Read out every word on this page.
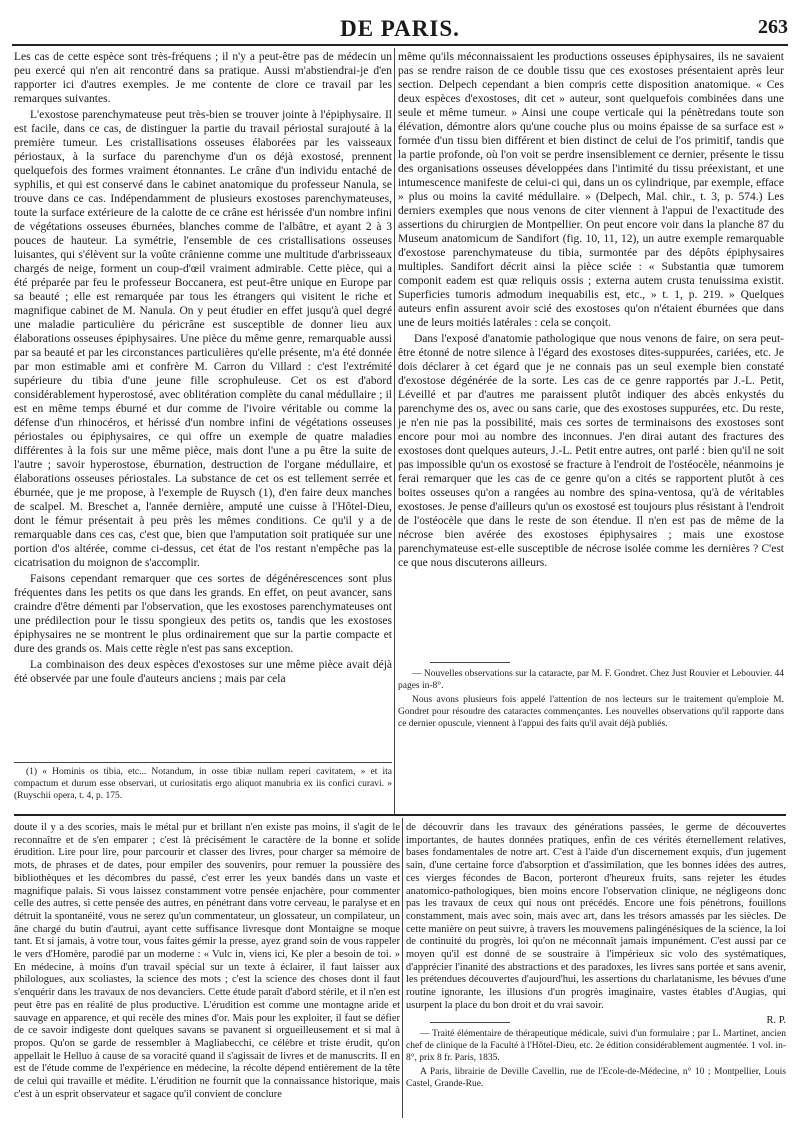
DE PARIS.	263

Les cas de cette espèce sont très-fréquens ; il n'y a peut-être pas de médecin un peu exercé qui n'en ait rencontré dans sa pratique. Aussi m'abstiendrai-je d'en rapporter ici d'autres exemples. Je me contente de clore ce travail par les remarques suivantes.

L'exostose parenchymateuse peut très-bien se trouver jointe à l'épiphysaire. Il est facile, dans ce cas, de distinguer la partie du travail périostal surajouté à la première tumeur. Les cristallisations osseuses élaborées par les vaisseaux périostaux, à la surface du parenchyme d'un os déjà exostosé, prennent quelquefois des formes vraiment étonnantes. Le crâne d'un individu entaché de syphilis, et qui est conservé dans le cabinet anatomique du professeur Nanula, se trouve dans ce cas. Indépendamment de plusieurs exostoses parenchymateuses, toute la surface extérieure de la calotte de ce crâne est hérissée d'un nombre infini de végétations osseuses éburnées, blanches comme de l'albâtre, et ayant 2 à 3 pouces de hauteur. La symétrie, l'ensemble de ces cristallisations osseuses luisantes, qui s'élèvent sur la voûte crânienne comme une multitude d'arbrisseaux chargés de neige, forment un coup-d'œil vraiment admirable. Cette pièce, qui a été préparée par feu le professeur Boccanera, est peut-être unique en Europe par sa beauté ; elle est remarquée par tous les étrangers qui visitent le riche et magnifique cabinet de M. Nanula. On y peut étudier en effet jusqu'à quel degré une maladie particulière du péricrâne est susceptible de donner lieu aux élaborations osseuses épiphysaires. Une pièce du même genre, remarquable aussi par sa beauté et par les circonstances particulières qu'elle présente, m'a été donnée par mon estimable ami et confrère M. Carron du Villard : c'est l'extrémité supérieure du tibia d'une jeune fille scrophuleuse. Cet os est d'abord considérablement hyperostosé, avec oblitération complète du canal médullaire ; il est en même temps éburné et dur comme de l'ivoire véritable ou comme la défense d'un rhinocéros, et hérissé d'un nombre infini de végétations osseuses périostales ou épiphysaires, ce qui offre un exemple de quatre maladies différentes à la fois sur une même pièce, mais dont l'une a pu être la suite de l'autre ; savoir hyperostose, éburnation, destruction de l'organe médullaire, et élaborations osseuses périostales. La substance de cet os est tellement serrée et éburnée, que je me propose, à l'exemple de Ruysch (1), d'en faire deux manches de scalpel. M. Breschet a, l'année dernière, amputé une cuisse à l'Hôtel-Dieu, dont le fémur présentait à peu près les mêmes conditions. Ce qu'il y a de remarquable dans ces cas, c'est que, bien que l'amputation soit pratiquée sur une portion d'os altérée, comme ci-dessus, cet état de l'os restant n'empêche pas la cicatrisation du moignon de s'accomplir.

Faisons cependant remarquer que ces sortes de dégénérescences sont plus fréquentes dans les petits os que dans les grands. En effet, on peut avancer, sans craindre d'être démenti par l'observation, que les exostoses parenchymateuses ont une prédilection pour le tissu spongieux des petits os, tandis que les exostoses épiphysaires ne se montrent le plus ordinairement que sur la partie compacte et dure des grands os. Mais cette règle n'est pas sans exception.

La combinaison des deux espèces d'exostoses sur une même pièce avait déjà été observée par une foule d'auteurs anciens ; mais par cela

même qu'ils méconnaissaient les productions osseuses épiphysaires, ils ne savaient pas se rendre raison de ce double tissu que ces exostoses présentaient après leur section. Delpech cependant a bien compris cette disposition anatomique. « Ces deux espèces d'exostoses, dit cet » auteur, sont quelquefois combinées dans une seule et même tumeur. » Ainsi une coupe verticale qui la pénètredans toute son élévation, démontre alors qu'une couche plus ou moins épaisse de sa surface est » formée d'un tissu bien différent et bien distinct de celui de l'os primitif, tandis que la partie profonde, où l'on voit se perdre insensiblement ce dernier, présente le tissu des organisations osseuses développées dans l'intimité du tissu préexistant, et une intumescence manifeste de celui-ci qui, dans un os cylindrique, par exemple, efface » plus ou moins la cavité médullaire. » (Delpech, Mal. chir., t. 3, p. 574.) Les derniers exemples que nous venons de citer viennent à l'appui de l'exactitude des assertions du chirurgien de Montpellier. On peut encore voir dans la planche 87 du Museum anatomicum de Sandifort (fig. 10, 11, 12), un autre exemple remarquable d'exostose parenchymateuse du tibia, surmontée par des dépôts épiphysaires multiples. Sandifort décrit ainsi la pièce sciée : « Substantia quæ tumorem componit eadem est quæ reliquis ossis ; externa autem crusta tenuissima existit. Superficies tumoris admodum inequabilis est, etc., » t. 1, p. 219. » Quelques auteurs enfin assurent avoir scié des exostoses qu'on n'étaient éburnées que dans une de leurs moitiés latérales : cela se conçoit.

Dans l'exposé d'anatomie pathologique que nous venons de faire, on sera peut-être étonné de notre silence à l'égard des exostoses dites-suppurées, cariées, etc. Je dois déclarer à cet égard que je ne connais pas un seul exemple bien constaté d'exostose dégénérée de la sorte. Les cas de ce genre rapportés par J.-L. Petit, Léveillé et par d'autres me paraissent plutôt indiquer des abcès enkystés du parenchyme des os, avec ou sans carie, que des exostoses suppurées, etc. Du reste, je n'en nie pas la possibilité, mais ces sortes de terminaisons des exostoses sont encore pour moi au nombre des inconnues. J'en dirai autant des fractures des exostoses dont quelques auteurs, J.-L. Petit entre autres, ont parlé : bien qu'il ne soit pas impossible qu'un os exostosé se fracture à l'endroit de l'ostéocèle, néanmoins je ferai remarquer que les cas de ce genre qu'on a cités se rapportent plutôt à ces boites osseuses qu'on a rangées au nombre des spina-ventosa, qu'à de véritables exostoses. Je pense d'ailleurs qu'un os exostosé est toujours plus résistant à l'endroit de l'ostéocèle que dans le reste de son étendue. Il n'en est pas de même de la nécrose bien avérée des exostoses épiphysaires ; mais une exostose parenchymateuse est-elle susceptible de nécrose isolée comme les dernières ? C'est ce que nous discuterons ailleurs.

— Nouvelles observations sur la cataracte, par M. F. Gondret. Chez Just Rouvier et Lebouvier. 44 pages in-8°.

Nous avons plusieurs fois appelé l'attention de nos lecteurs sur le traitement qu'emploie M. Gondret pour résoudre des cataractes commençantes. Les nouvelles observations qu'il rapporte dans ce dernier opuscule, viennent à l'appui des faits qu'il avait déjà publiés.

(1) « Hominis os tibia, etc... Notandum, in osse tibiæ nullam reperi cavitatem, » et ita compactum et durum esse observari, ut curiositatis ergo aliquot manubria ex iis confici curavi. » (Ruyschii opera, t. 4, p. 175.

doute il y a des scories, mais le métal pur et brillant n'en existe pas moins, il s'agit de le reconnaître et de s'en emparer ; c'est là précisément le caractère de la bonne et solide érudition. Lire pour lire, pour parcourir et classer des livres, pour charger sa mémoire de mots, de phrases et de dates, pour empiler des souvenirs, pour remuer la poussière des bibliothèques et les décombres du passé, c'est errer les yeux bandés dans un vaste et magnifique palais. Si vous laissez constamment votre pensée enjachère, pour commenter celle des autres, si cette pensée des autres, en pénétrant dans votre cerveau, le paralyse et en détruit la spontanéité, vous ne serez qu'un commentateur, un glossateur, un compilateur, un âne chargé du butin d'autrui, ayant cette suffisance livresque dont Montaigne se moque tant. Et si jamais, à votre tour, vous faites gémir la presse, ayez grand soin de vous rappeler le vers d'Homère, parodié par un moderne : « Vulc in, viens ici, Ke pler a besoin de toi. » En médecine, à moins d'un travail spécial sur un texte à éclairer, il faut laisser aux philologues, aux scoliastes, la science des mots ; c'est la science des choses dont il faut s'enquérir dans les travaux de nos devanciers. Cette étude paraît d'abord stérile, et il n'en est peut être pas en réalité de plus productive. L'érudition est comme une montagne aride et sauvage en apparence, et qui recèle des mines d'or. Mais pour les exploiter, il faut se défier de ce savoir indigeste dont quelques savans se pavanent si orgueilleusement et si mal à propos. Qu'on se garde de ressembler à Magliabecchi, ce célèbre et triste érudit, qu'on appellait le Helluo à cause de sa voracité quand il s'agissait de livres et de manuscrits. Il en est de l'étude comme de l'expérience en médecine, la récolte dépend entièrement de la tête de celui qui travaille et médite. L'érudition ne fournit que la connaissance historique, mais c'est à un esprit observateur et sagace qu'il convient de conclure

de découvrir dans les travaux des générations passées, le germe de découvertes importantes, de hautes données pratiques, enfin de ces vérités éternellement relatives, bases fondamentales de notre art. C'est à l'aide d'un discernement exquis, d'un jugement sain, d'une certaine force d'absorption et d'assimilation, que les bonnes idées des autres, ces vierges fécondes de Bacon, porteront d'heureux fruits, sans rejeter les études anatomico-pathologiques, bien moins encore l'observation clinique, ne négligeons donc pas les travaux de ceux qui nous ont précédés. Encore une fois pénétrons, fouillons constamment, mais avec soin, mais avec art, dans les trésors amassés par les siècles. De cette manière on peut suivre, à travers les mouvemens palingénésiques de la science, la loi de continuité du progrès, loi qu'on ne méconnaît jamais impunément. C'est aussi par ce moyen qu'il est donné de se soustraire à l'impérieux sic volo des systématiques, d'apprécier l'inanité des abstractions et des paradoxes, les livres sans portée et sans avenir, les prétendues découvertes d'aujourd'hui, les assertions du charlatanisme, les bévues d'une routine ignorante, les illusions d'un progrès imaginaire, vastes étables d'Augias, qui usurpent la place du bon droit et du vrai savoir.

R. P.

— Traité élémentaire de thérapeutique médicale, suivi d'un formulaire ; par L. Martinet, ancien chef de clinique de la Faculté à l'Hôtel-Dieu, etc. 2e édition considérablement augmentée. 1 vol. in-8°, prix 8 fr. Paris, 1835.

A Paris, librairie de Deville Cavellin, rue de l'Ecole-de-Médecine, n° 10 ; Montpellier, Louis Castel, Grande-Rue.
